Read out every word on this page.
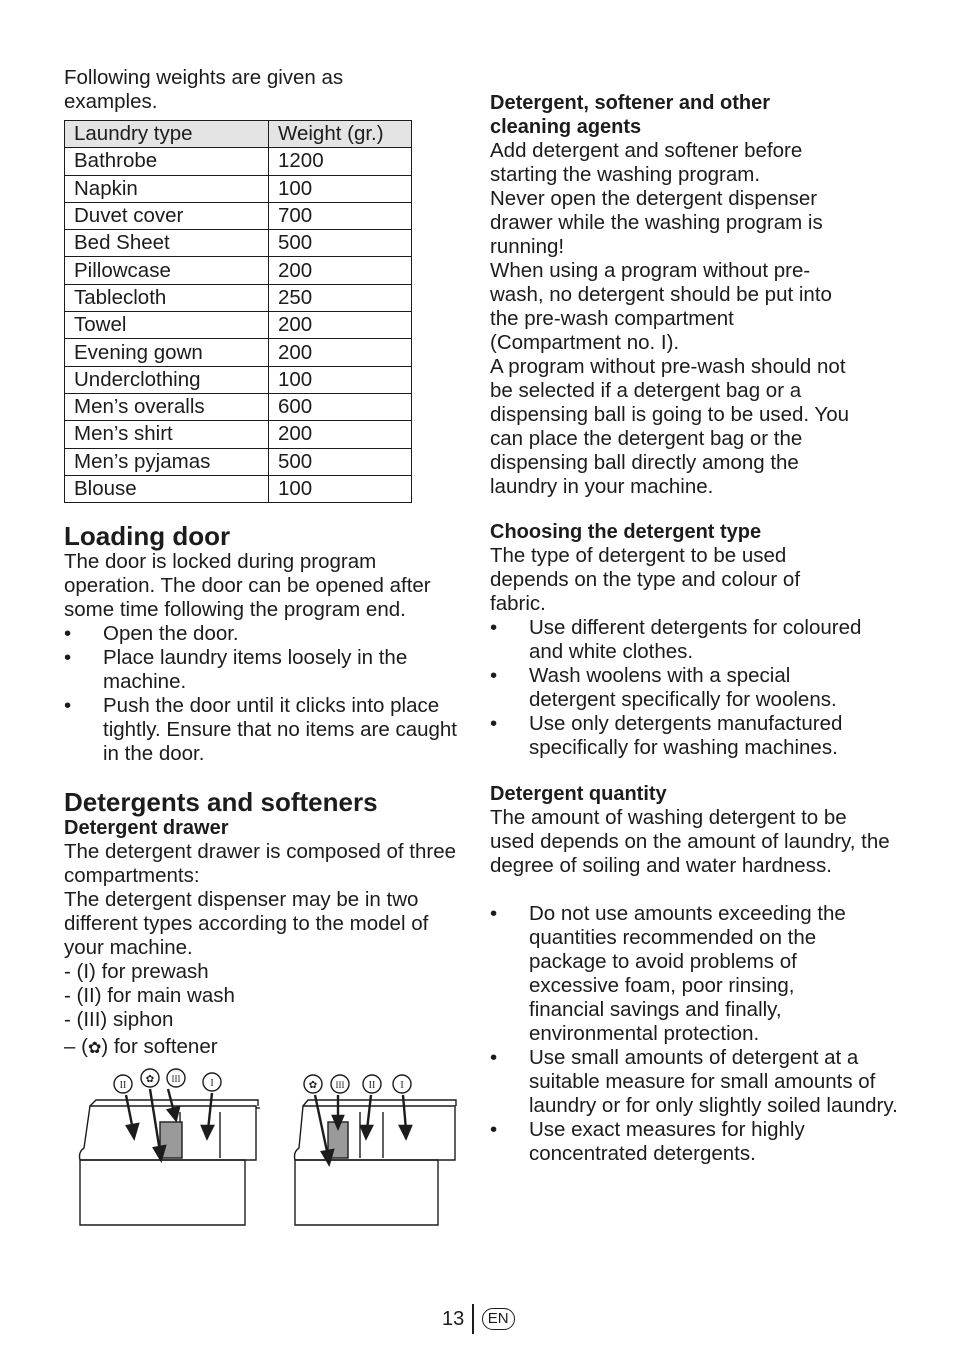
Following weights are given as examples.

Laundry type	Weight (gr.)
Bathrobe	1200
Napkin	100
Duvet cover	700
Bed Sheet	500
Pillowcase	200
Tablecloth	250
Towel	200
Evening gown	200
Underclothing	100
Men’s overalls	600
Men’s shirt	200
Men’s pyjamas	500
Blouse	100
Loading door

The door is locked during program operation. The door can be opened after some time following the program end.

• Open the door.
• Place laundry items loosely in the machine.
• Push the door until it clicks into place tightly. Ensure that no items are caught in the door.
Detergents and softeners
Detergent drawer

The detergent drawer is composed of three compartments:

The detergent dispenser may be in two different types according to the model of your machine.

- (I) for prewash

- (II) for main wash

- (III) siphon

– (✿) for softener

II
✿ III	I	✿ III II I
Detergent, softener and other cleaning agents

Add detergent and softener before starting the washing program.

Never open the detergent dispenser drawer while the washing program is running!

When using a program without pre-wash, no detergent should be put into the pre-wash compartment (Compartment no. I).

A program without pre-wash should not be selected if a detergent bag or a dispensing ball is going to be used. You can place the detergent bag or the dispensing ball directly among the laundry in your machine.

Choosing the detergent type

The type of detergent to be used depends on the type and colour of fabric.

• Use different detergents for coloured and white clothes.
• Wash woolens with a special detergent specifically for woolens.
• Use only detergents manufactured specifically for washing machines.
Detergent quantity

The amount of washing detergent to be used depends on the amount of laundry, the degree of soiling and water hardness.

• Do not use amounts exceeding the quantities recommended on the package to avoid problems of excessive foam, poor rinsing, financial savings and finally, environmental protection.
• Use small amounts of detergent at a suitable measure for small amounts of laundry or for only slightly soiled laundry.
• Use exact measures for highly concentrated detergents.
13	EN
